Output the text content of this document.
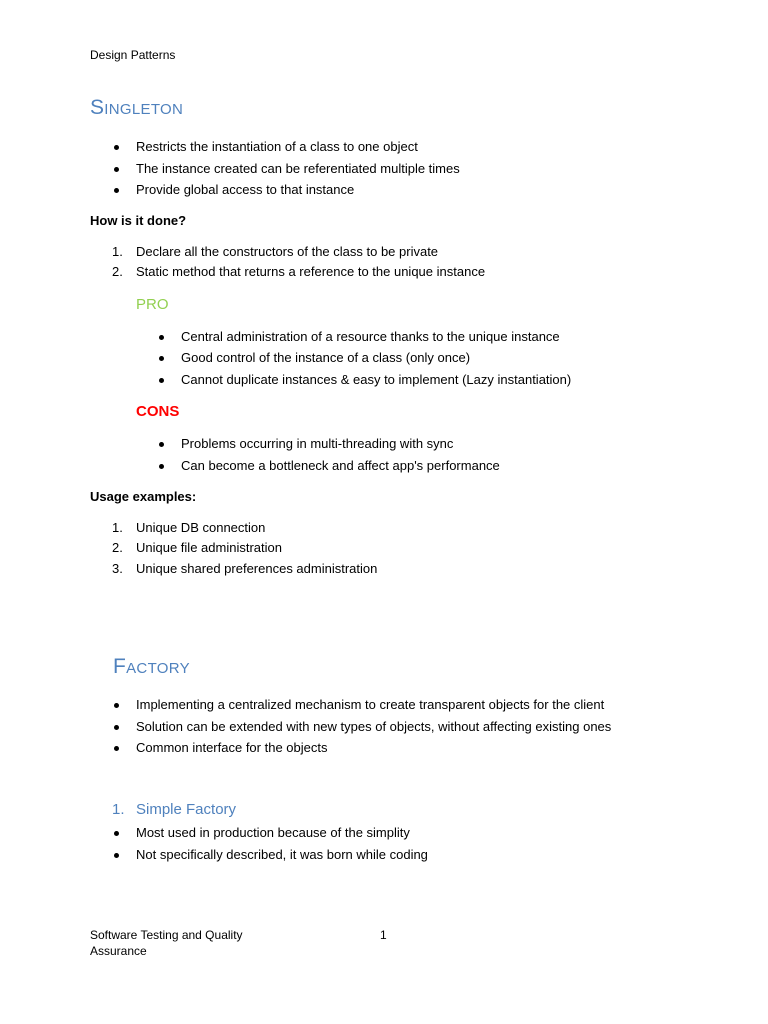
Design Patterns
Singleton
Restricts the instantiation of a class to one object
The instance created can be referentiated multiple times
Provide global access to that instance
How is it done?
1. Declare all the constructors of the class to be private
2. Static method that returns a reference to the unique instance
PRO
Central administration of a resource thanks to the unique instance
Good control of the instance of a class (only once)
Cannot duplicate instances & easy to implement (Lazy instantiation)
CONS
Problems occurring in multi-threading with sync
Can become a bottleneck and affect app's performance
Usage examples:
1. Unique DB connection
2. Unique file administration
3. Unique shared preferences administration
Factory
Implementing a centralized mechanism to create transparent objects for the client
Solution can be extended with new types of objects, without affecting existing ones
Common interface for the objects
1. Simple Factory
Most used in production because of the simplity
Not specifically described, it was born while coding
Software Testing and Quality
Assurance
1
